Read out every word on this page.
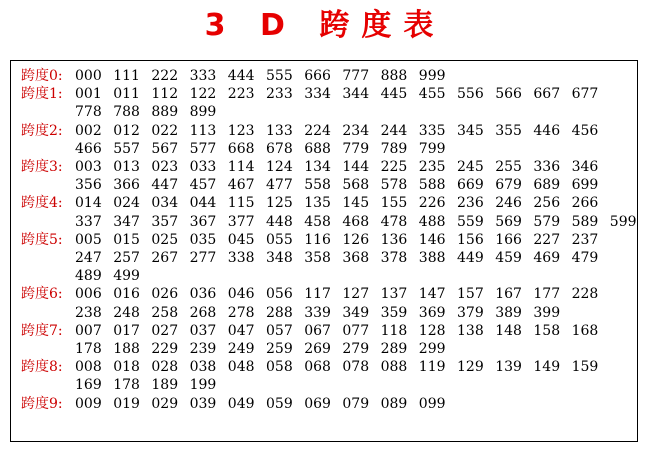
3 D 跨度表
跨度0: 000 111 222 333 444 555 666 777 888 999
跨度1: 001 011 112 122 223 233 334 344 445 455 556 566 667 677
778 788 889 899
跨度2: 002 012 022 113 123 133 224 234 244 335 345 355 446 456
466 557 567 577 668 678 688 779 789 799
跨度3: 003 013 023 033 114 124 134 144 225 235 245 255 336 346
356 366 447 457 467 477 558 568 578 588 669 679 689 699
跨度4: 014 024 034 044 115 125 135 145 155 226 236 246 256 266
337 347 357 367 377 448 458 468 478 488 559 569 579 589 599
跨度5: 005 015 025 035 045 055 116 126 136 146 156 166 227 237
247 257 267 277 338 348 358 368 378 388 449 459 469 479
489 499
跨度6: 006 016 026 036 046 056 117 127 137 147 157 167 177 228
238 248 258 268 278 288 339 349 359 369 379 389 399
跨度7: 007 017 027 037 047 057 067 077 118 128 138 148 158 168
178 188 229 239 249 259 269 279 289 299
跨度8: 008 018 028 038 048 058 068 078 088 119 129 139 149 159
169 178 189 199
跨度9: 009 019 029 039 049 059 069 079 089 099
